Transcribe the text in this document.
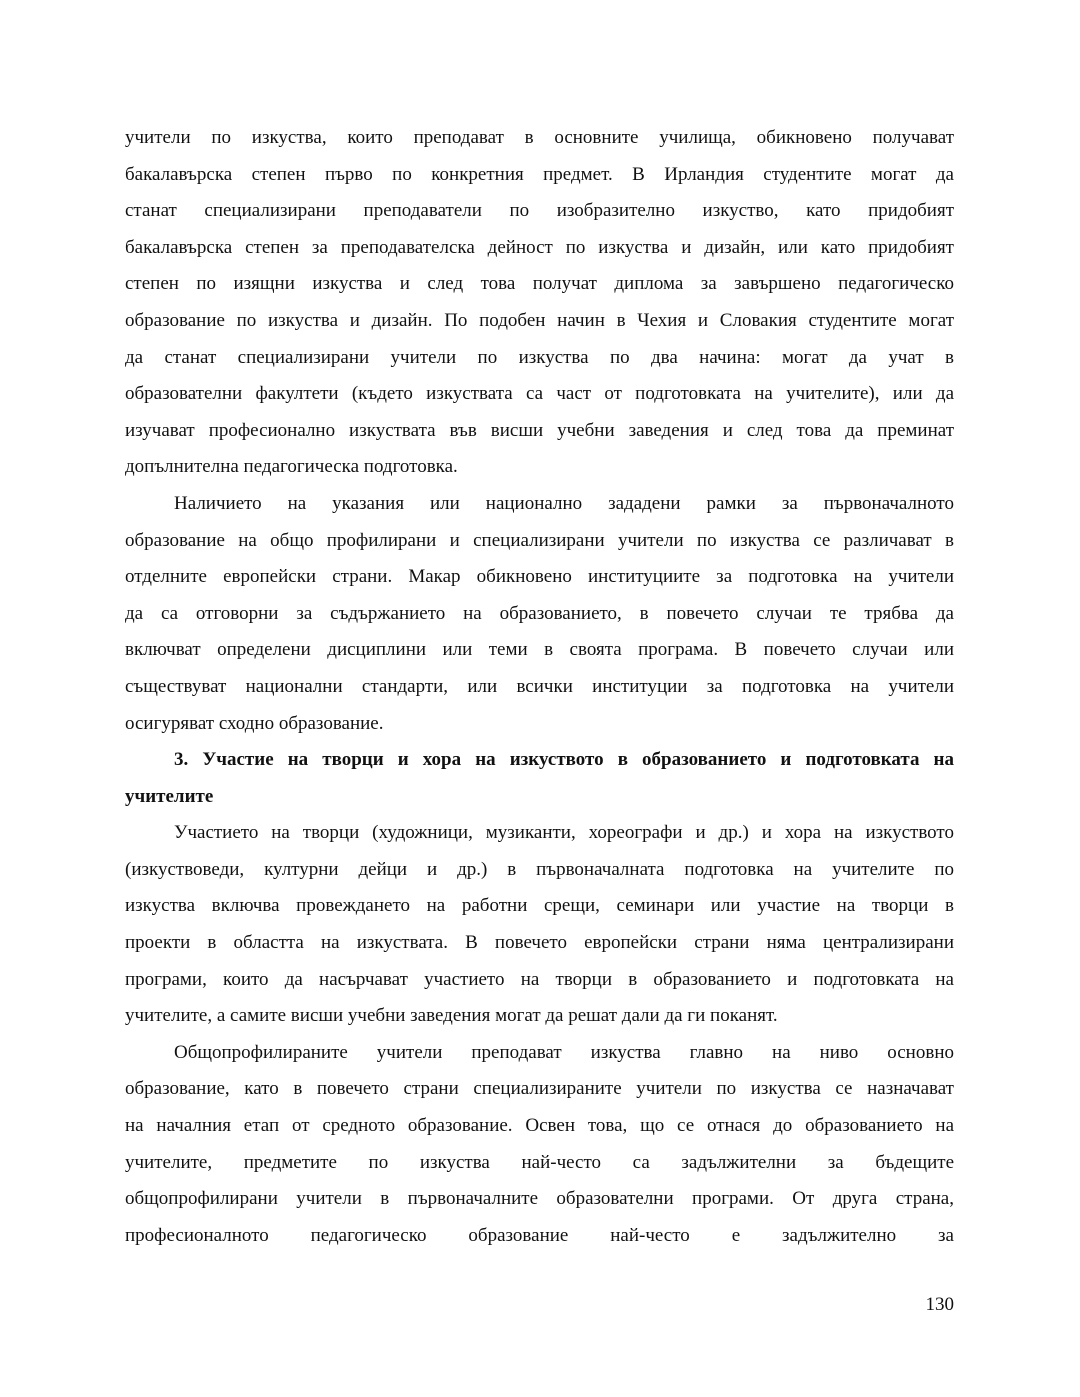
учители по изкуства, които преподават в основните училища, обикновено получават
бакалавърска степен първо по конкретния предмет. В Ирландия студентите могат да
станат специализирани преподаватели по изобразително изкуство, като придобият
бакалавърска степен за преподавателска дейност по изкуства и дизайн, или като придобият
степен по изящни изкуства и след това получат диплома за завършено педагогическо
образование по изкуства и дизайн. По подобен начин в Чехия и Словакия студентите могат
да станат специализирани учители по изкуства по два начина: могат да учат в
образователни факултети (където изкуствата са част от подготовката на учителите), или да
изучават професионално изкуствата във висши учебни заведения и след това да преминат
допълнителна педагогическа подготовка.
Наличието на указания или национално зададени рамки за първоначалното
образование на общо профилирани и специализирани учители по изкуства се различават в
отделните европейски страни. Макар обикновено институциите за подготовка на учители
да са отговорни за съдържанието на образованието, в повечето случаи те трябва да
включват определени дисциплини или теми в своята програма. В повечето случаи или
съществуват национални стандарти, или всички институции за подготовка на учители
осигуряват сходно образование.
3. Участие на творци и хора на изкуството в образованието и подготовката на
учителите
Участието на творци (художници, музиканти, хореографи и др.) и хора на изкуството
(изкуствоведи, културни дейци и др.) в първоначалната подготовка на учителите по
изкуства включва провеждането на работни срещи, семинари или участие на творци в
проекти в областта на изкуствата. В повечето европейски страни няма централизирани
програми, които да насърчават участието на творци в образованието и подготовката на
учителите, а самите висши учебни заведения могат да решат дали да ги поканят.
Общопрофилираните учители преподават изкуства главно на ниво основно
образование, като в повечето страни специализираните учители по изкуства се назначават
на началния етап от средното образование. Освен това, що се отнася до образованието на
учителите, предметите по изкуства най-често са задължителни за бъдещите
общопрофилирани учители в първоначалните образователни програми. От друга страна,
професионалното педагогическо образование най-често е задължително за
130
